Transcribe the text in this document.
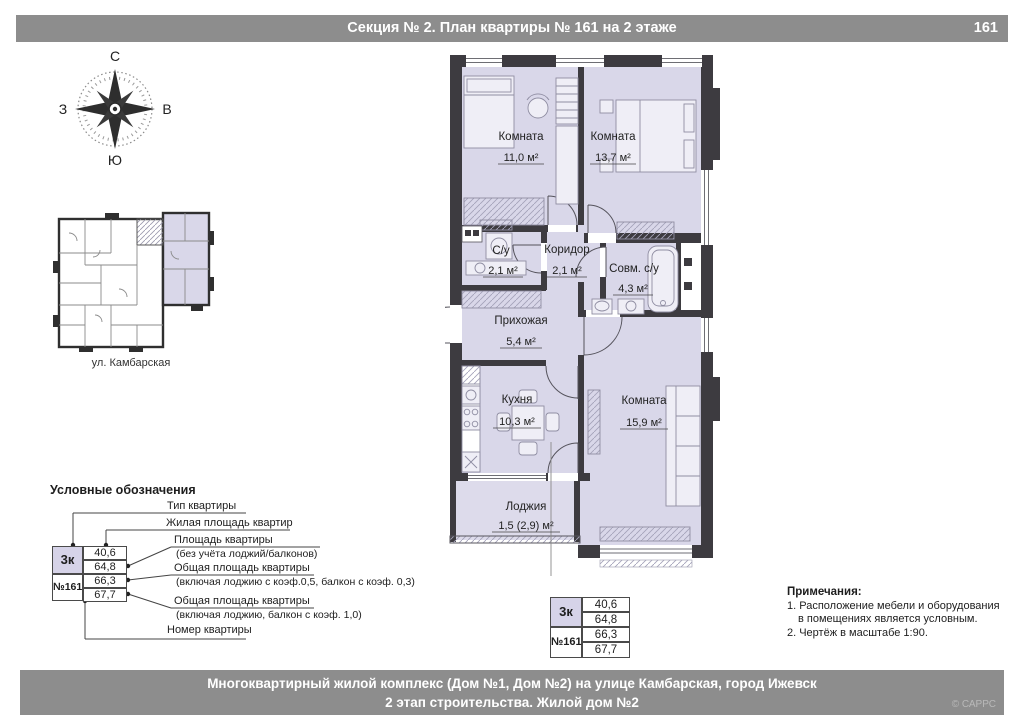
Секция № 2. План квартиры № 161 на 2 этаже	161
С
Ю
В
З
ул. Камбарская
Комната
11,0 м²
Комната
13,7 м²
С/у
2,1 м²
Коридор
2,1 м² Совм. с/у
4,3 м²
Прихожая
5,4 м²
Кухня
10,3 м²
Комната
15,9 м²
Лоджия
1,5 (2,9) м²
Условные обозначения
3к
№161
40,6
64,8
66,3
67,7
Тип квартиры
Жилая площадь квартир
Площадь квартиры
(без учёта лоджий/балконов)
Общая площадь квартиры
(включая лоджию с коэф.0,5, балкон с коэф. 0,3)
Общая площадь квартиры
(включая лоджию, балкон с коэф. 1,0)
Номер квартиры
3к
№161
40,6
64,8
66,3
67,7
Примечания:
1. Расположение мебели и оборудования
в помещениях является условным.
2. Чертёж в масштабе 1:90.
Многоквартирный жилой комплекс (Дом №1, Дом №2) на улице Камбарская, город Ижевск
2 этап строительства. Жилой дом №2	© САРРС
